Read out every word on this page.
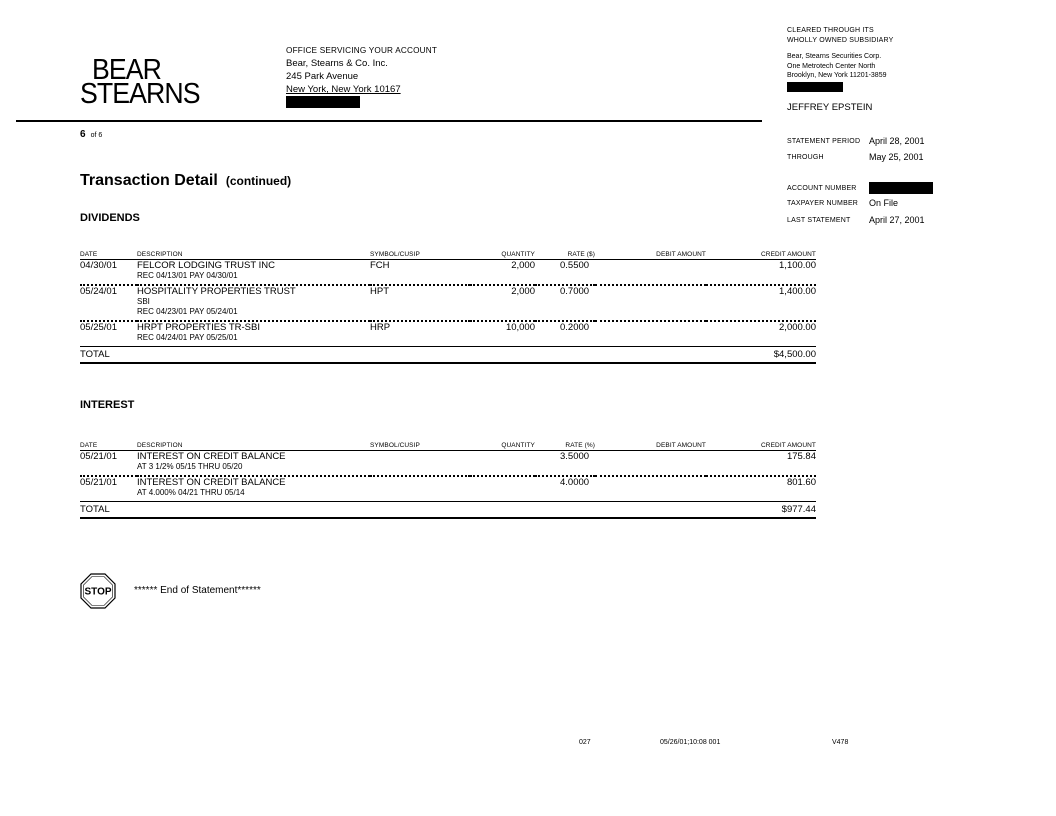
BEAR
STEARNS
OFFICE SERVICING YOUR ACCOUNT
Bear, Stearns & Co. Inc.
245 Park Avenue
New York, New York 10167
CLEARED THROUGH ITS
WHOLLY OWNED SUBSIDIARY
Bear, Stearns Securities Corp.
One Metrotech Center North
Brooklyn, New York 11201-3859
JEFFREY EPSTEIN
6 of 6
STATEMENT PERIOD April 28, 2001
THROUGH	May 25, 2001
ACCOUNT NUMBER
TAXPAYER NUMBER On File
LAST STATEMENT April 27, 2001
Transaction Detail (continued)
DIVIDENDS
DATE	DESCRIPTION	SYMBOL/CUSIP	QUANTITY	RATE ($)	DEBIT AMOUNT	CREDIT AMOUNT
04/30/01	FELCOR LODGING TRUST INC
REC 04/13/01 PAY 04/30/01	FCH	2,000	0.5500		1,100.00
05/24/01	HOSPITALITY PROPERTIES TRUST
SBI
REC 04/23/01 PAY 05/24/01	HPT	2,000	0.7000		1,400.00
05/25/01	HRPT PROPERTIES TR-SBI
REC 04/24/01 PAY 05/25/01	HRP	10,000	0.2000		2,000.00
TOTAL						$4,500.00
INTEREST
DATE	DESCRIPTION	SYMBOL/CUSIP	QUANTITY	RATE (%)	DEBIT AMOUNT	CREDIT AMOUNT
05/21/01	INTEREST ON CREDIT BALANCE
AT 3 1/2% 05/15 THRU 05/20			3.5000		175.84
05/21/01	INTEREST ON CREDIT BALANCE
AT 4.000% 04/21 THRU 05/14			4.0000		801.60
TOTAL						$977.44
STOP ****** End of Statement******
027	05/26/01;10:08 001	V478
